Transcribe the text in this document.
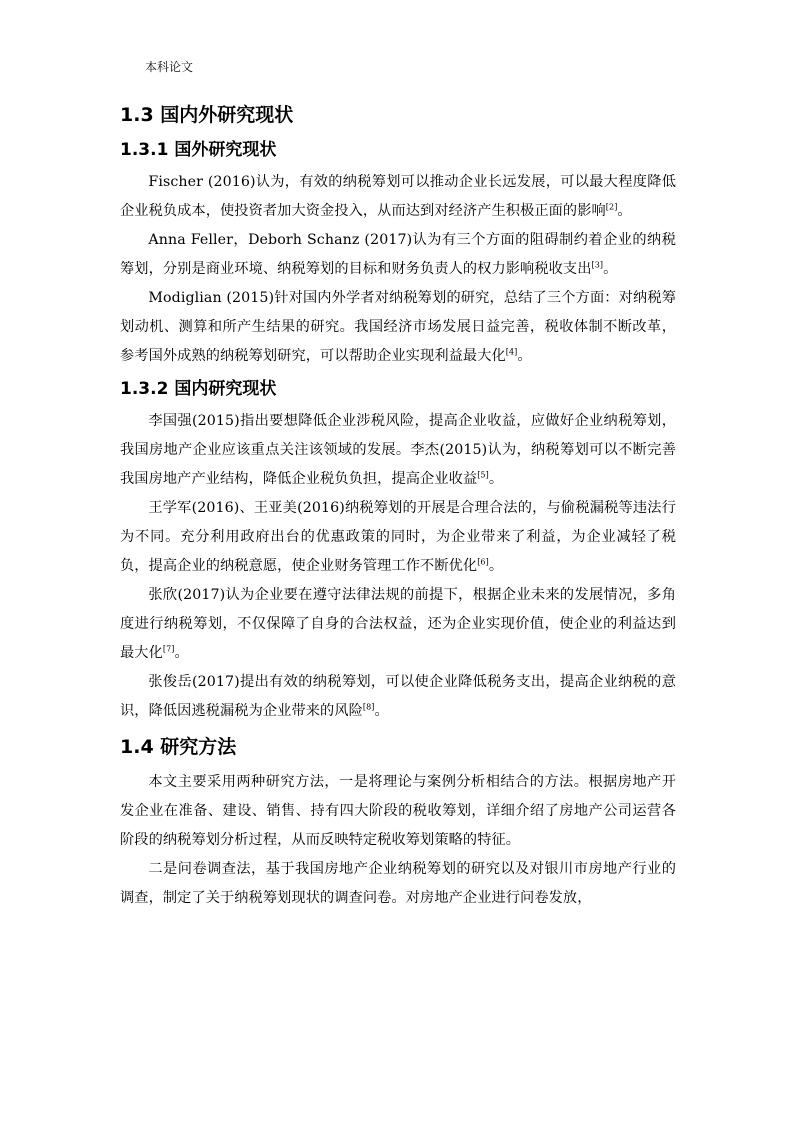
本科论文
1.3 国内外研究现状
1.3.1 国外研究现状

Fischer (2016)认为，有效的纳税筹划可以推动企业长远发展，可以最大程度降低企业税负成本，使投资者加大资金投入，从而达到对经济产生积极正面的影响[2]。

Anna Feller，Deborh Schanz (2017)认为有三个方面的阻碍制约着企业的纳税筹划，分别是商业环境、纳税筹划的目标和财务负责人的权力影响税收支出[3]。

Modiglian (2015)针对国内外学者对纳税筹划的研究，总结了三个方面：对纳税筹划动机、测算和所产生结果的研究。我国经济市场发展日益完善，税收体制不断改革，参考国外成熟的纳税筹划研究，可以帮助企业实现利益最大化[4]。

1.3.2 国内研究现状

李国强(2015)指出要想降低企业涉税风险，提高企业收益，应做好企业纳税筹划，我国房地产企业应该重点关注该领域的发展。李杰(2015)认为，纳税筹划可以不断完善我国房地产产业结构，降低企业税负负担，提高企业收益[5]。

王学军(2016)、王亚美(2016)纳税筹划的开展是合理合法的，与偷税漏税等违法行为不同。充分利用政府出台的优惠政策的同时，为企业带来了利益，为企业减轻了税负，提高企业的纳税意愿，使企业财务管理工作不断优化[6]。

张欣(2017)认为企业要在遵守法律法规的前提下，根据企业未来的发展情况，多角度进行纳税筹划，不仅保障了自身的合法权益，还为企业实现价值，使企业的利益达到最大化[7]。

张俊岳(2017)提出有效的纳税筹划，可以使企业降低税务支出，提高企业纳税的意识，降低因逃税漏税为企业带来的风险[8]。

1.4 研究方法

本文主要采用两种研究方法，一是将理论与案例分析相结合的方法。根据房地产开发企业在准备、建设、销售、持有四大阶段的税收筹划，详细介绍了房地产公司运营各阶段的纳税筹划分析过程，从而反映特定税收筹划策略的特征。

二是问卷调查法，基于我国房地产企业纳税筹划的研究以及对银川市房地产行业的调查，制定了关于纳税筹划现状的调查问卷。对房地产企业进行问卷发放，
